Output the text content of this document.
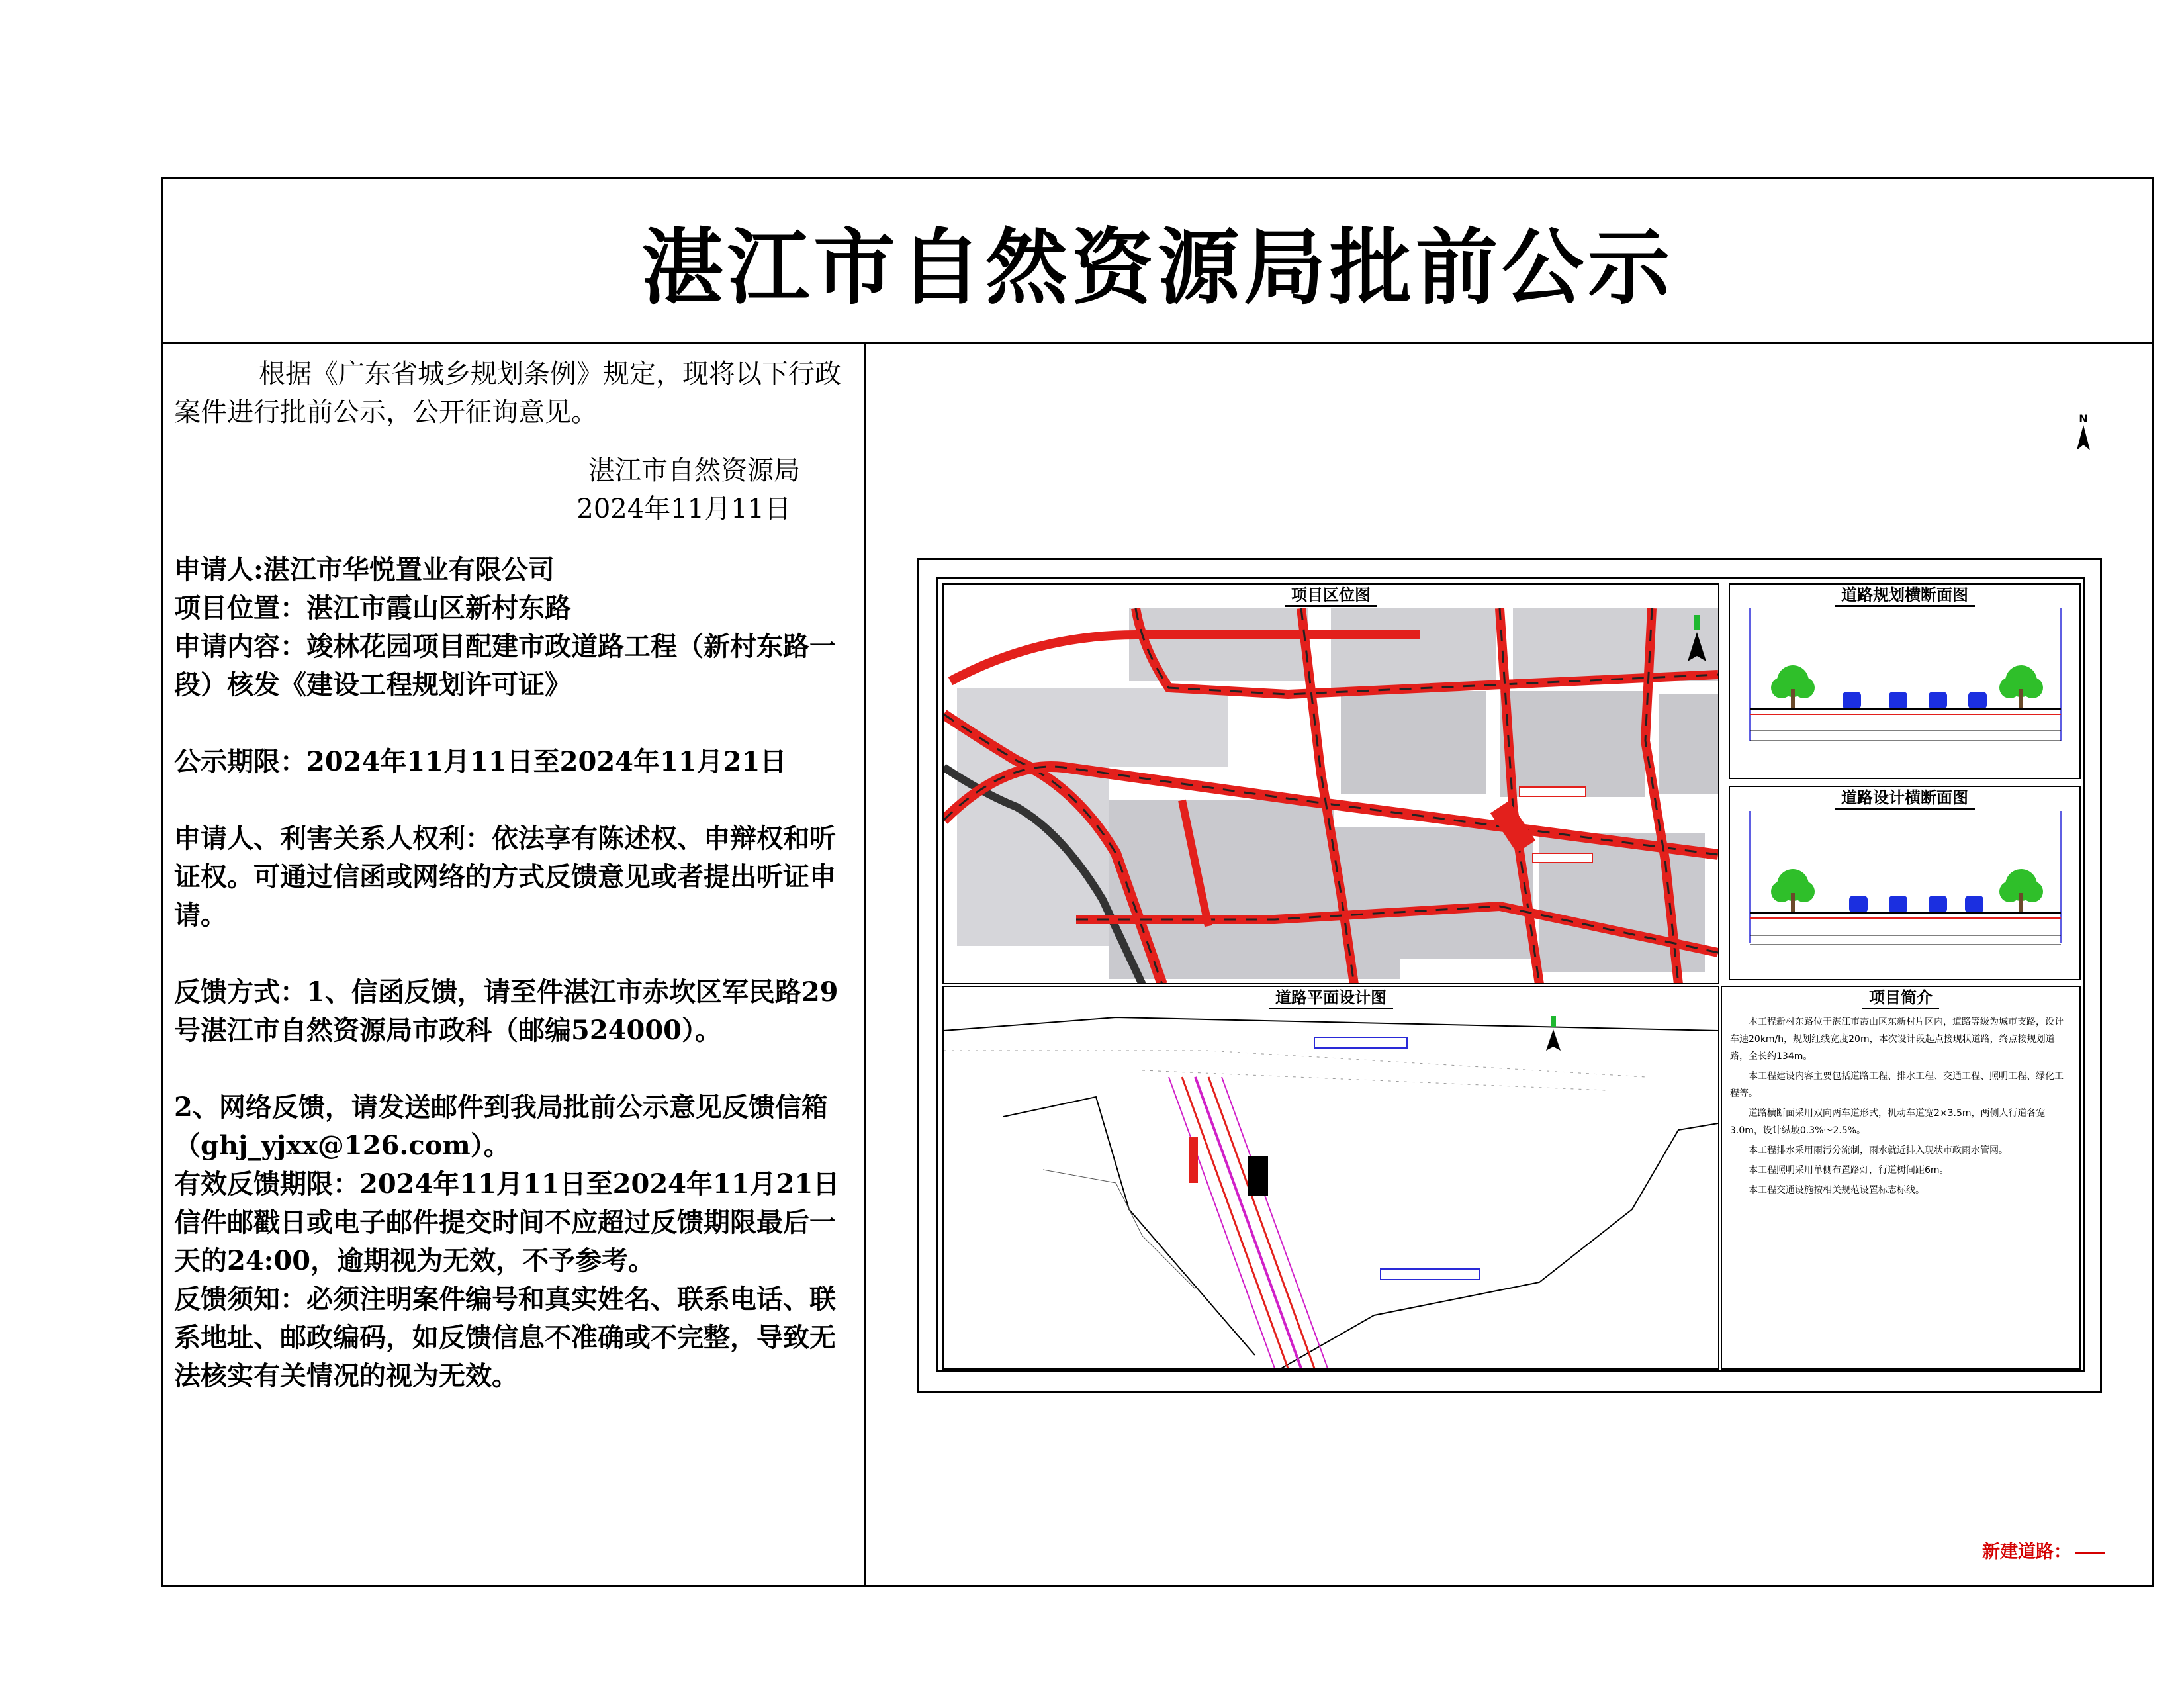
湛江市自然资源局批前公示

根据《广东省城乡规划条例》规定，现将以下行政案件进行批前公示，公开征询意见。

湛江市自然资源局

2024年11月11日

申请人:湛江市华悦置业有限公司

项目位置：湛江市霞山区新村东路

申请内容：竣林花园项目配建市政道路工程（新村东路一段）核发《建设工程规划许可证》

公示期限：2024年11月11日至2024年11月21日

申请人、利害关系人权利：依法享有陈述权、申辩权和听证权。可通过信函或网络的方式反馈意见或者提出听证申请。

反馈方式：1、信函反馈，请至件湛江市赤坎区军民路29号湛江市自然资源局市政科（邮编524000）。

2、网络反馈，请发送邮件到我局批前公示意见反馈信箱（ghj_yjxx@126.com）。

有效反馈期限：2024年11月11日至2024年11月21日信件邮戳日或电子邮件提交时间不应超过反馈期限最后一天的24:00，逾期视为无效，不予参考。

反馈须知：必须注明案件编号和真实姓名、联系电话、联系地址、邮政编码，如反馈信息不准确或不完整，导致无法核实有关情况的视为无效。

N
项目区位图	道路规划横断面图
道路设计横断面图
道路平面设计图	项目简介

本工程新村东路位于湛江市霞山区东新村片区内，道路等级为城市支路，设计车速20km/h，规划红线宽度20m，本次设计段起点接现状道路，终点接规划道路，全长约134m。

本工程建设内容主要包括道路工程、排水工程、交通工程、照明工程、绿化工程等。

道路横断面采用双向两车道形式，机动车道宽2×3.5m，两侧人行道各宽3.0m，设计纵坡0.3%～2.5%。

本工程排水采用雨污分流制，雨水就近排入现状市政雨水管网。

本工程照明采用单侧布置路灯，行道树间距6m。

本工程交通设施按相关规范设置标志标线。

新建道路：
